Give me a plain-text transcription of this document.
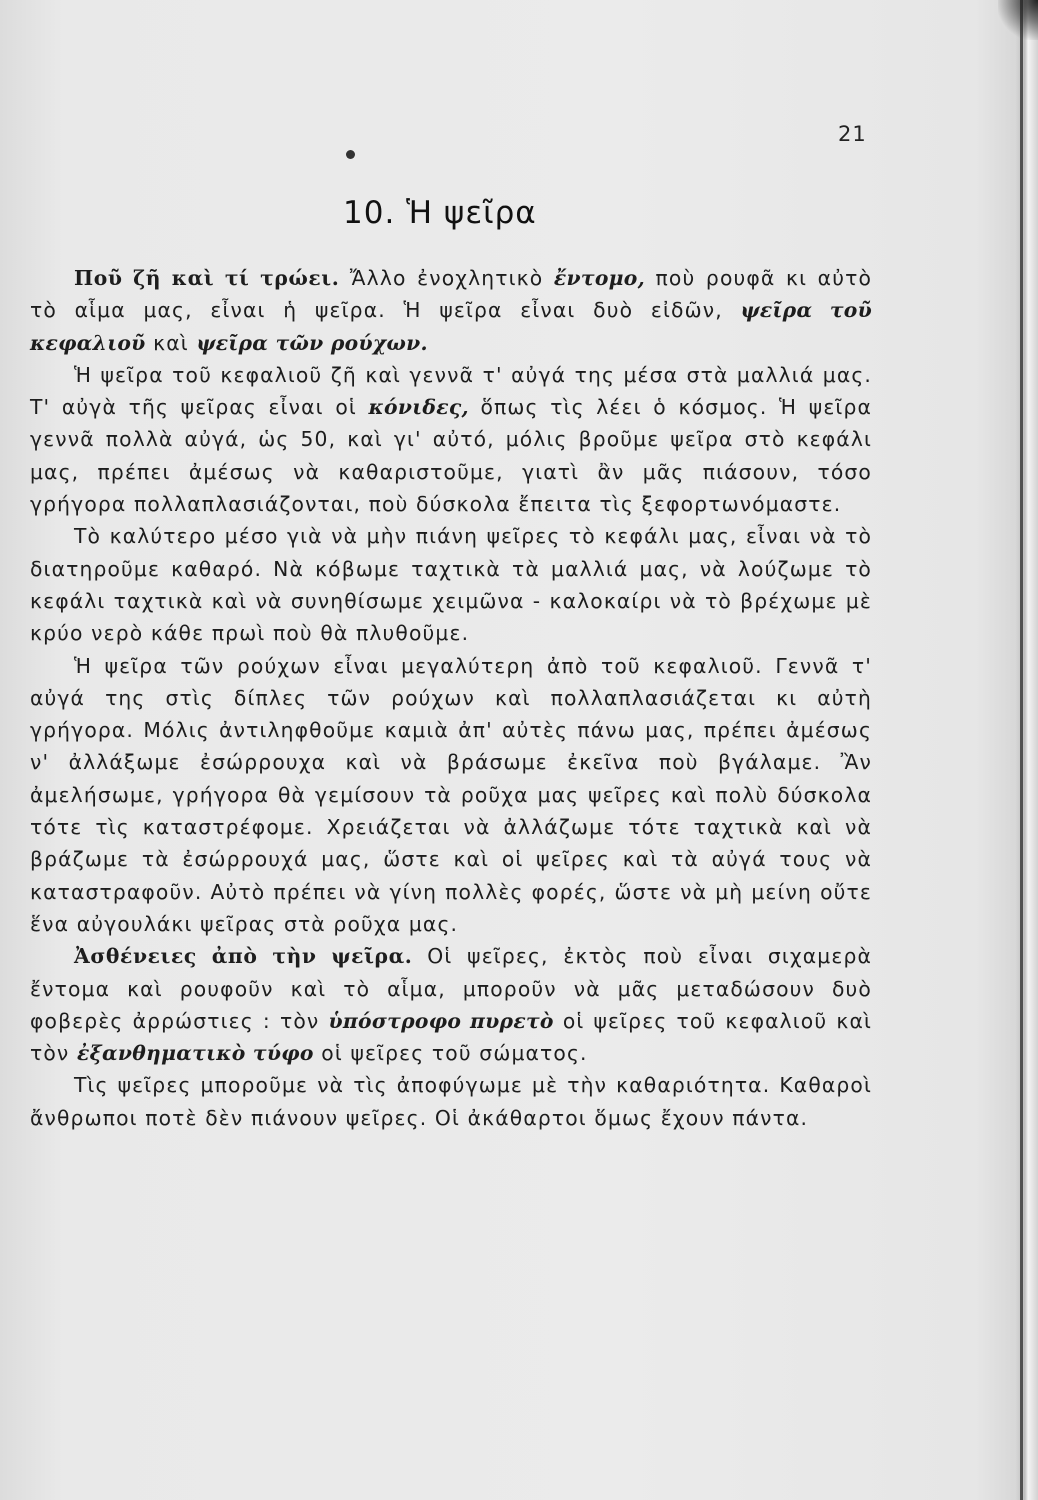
21
10. Ἡ ψεῖρα

Ποῦ ζῆ καὶ τί τρώει. Ἄλλο ἐνοχλητικὸ ἔντομο, ποὺ ρουφᾶ κι αὐτὸ τὸ αἷμα μας, εἶναι ἡ ψεῖρα. Ἡ ψεῖρα εἶναι δυὸ εἰδῶν, ψεῖρα τοῦ κεφαλιοῦ καὶ ψεῖρα τῶν ρούχων.

Ἡ ψεῖρα τοῦ κεφαλιοῦ ζῆ καὶ γεννᾶ τ' αὐγά της μέσα στὰ μαλλιά μας. Τ' αὐγὰ τῆς ψεῖρας εἶναι οἱ κόνιδες, ὅπως τὶς λέει ὁ κόσμος. Ἡ ψεῖρα γεννᾶ πολλὰ αὐγά, ὡς 50, καὶ γι' αὐτό, μόλις βροῦμε ψεῖρα στὸ κεφάλι μας, πρέπει ἀμέσως νὰ καθαριστοῦμε, γιατὶ ἂν μᾶς πιάσουν, τόσο γρήγορα πολλαπλασιάζονται, ποὺ δύσκολα ἔπειτα τὶς ξεφορτωνόμαστε.

Τὸ καλύτερο μέσο γιὰ νὰ μὴν πιάνη ψεῖρες τὸ κεφάλι μας, εἶναι νὰ τὸ διατηροῦμε καθαρό. Νὰ κόβωμε ταχτικὰ τὰ μαλλιά μας, νὰ λούζωμε τὸ κεφάλι ταχτικὰ καὶ νὰ συνηθίσωμε χειμῶνα - καλοκαίρι νὰ τὸ βρέχωμε μὲ κρύο νερὸ κάθε πρωὶ ποὺ θὰ πλυθοῦμε.

Ἡ ψεῖρα τῶν ρούχων εἶναι μεγαλύτερη ἀπὸ τοῦ κεφαλιοῦ. Γεννᾶ τ' αὐγά της στὶς δίπλες τῶν ρούχων καὶ πολλαπλασιάζεται κι αὐτὴ γρήγορα. Μόλις ἀντιληφθοῦμε καμιὰ ἀπ' αὐτὲς πάνω μας, πρέπει ἀμέσως ν' ἀλλάξωμε ἐσώρρουχα καὶ νὰ βράσωμε ἐκεῖνα ποὺ βγάλαμε. Ἂν ἀμελήσωμε, γρήγορα θὰ γεμίσουν τὰ ροῦχα μας ψεῖρες καὶ πολὺ δύσκολα τότε τὶς καταστρέφομε. Χρειάζεται νὰ ἀλλάζωμε τότε ταχτικὰ καὶ νὰ βράζωμε τὰ ἐσώρρουχά μας, ὥστε καὶ οἱ ψεῖρες καὶ τὰ αὐγά τους νὰ καταστραφοῦν. Αὐτὸ πρέπει νὰ γίνη πολλὲς φορές, ὥστε νὰ μὴ μείνη οὔτε ἕνα αὐγουλάκι ψεῖρας στὰ ροῦχα μας.

Ἀσθένειες ἀπὸ τὴν ψεῖρα. Οἱ ψεῖρες, ἐκτὸς ποὺ εἶναι σιχαμερὰ ἔντομα καὶ ρουφοῦν καὶ τὸ αἷμα, μποροῦν νὰ μᾶς μεταδώσουν δυὸ φοβερὲς ἀρρώστιες : τὸν ὑπόστροφο πυρετὸ οἱ ψεῖρες τοῦ κεφαλιοῦ καὶ τὸν ἐξανθηματικὸ τύφο οἱ ψεῖρες τοῦ σώματος.

Τὶς ψεῖρες μποροῦμε νὰ τὶς ἀποφύγωμε μὲ τὴν καθαριότητα. Καθαροὶ ἄνθρωποι ποτὲ δὲν πιάνουν ψεῖρες. Οἱ ἀκάθαρτοι ὅμως ἔχουν πάντα.
